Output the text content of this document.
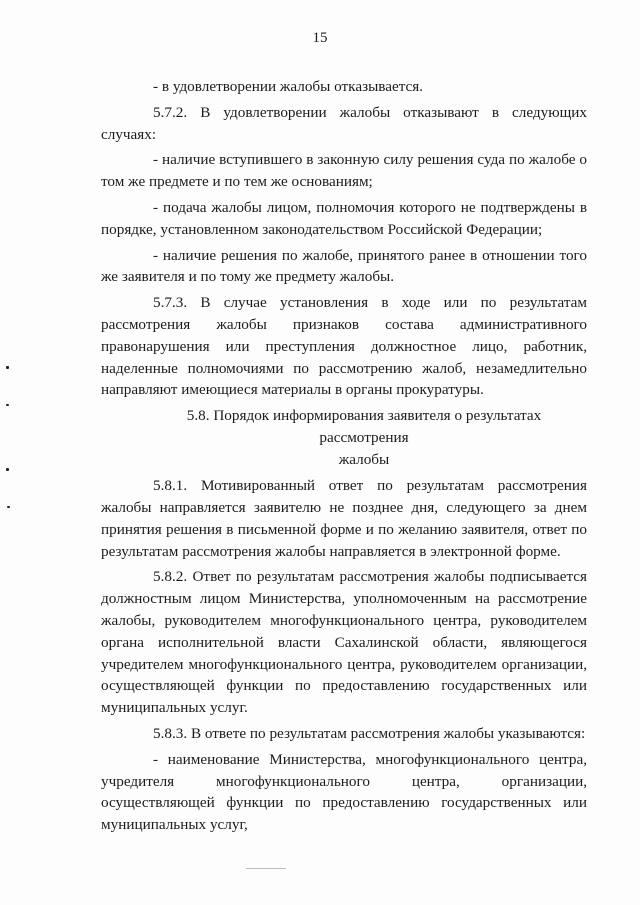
15

- в удовлетворении жалобы отказывается.

5.7.2. В удовлетворении жалобы отказывают в следующих случаях:

- наличие вступившего в законную силу решения суда по жалобе о том же предмете и по тем же основаниям;

- подача жалобы лицом, полномочия которого не подтверждены в порядке, установленном законодательством Российской Федерации;

- наличие решения по жалобе, принятого ранее в отношении того же заявителя и по тому же предмету жалобы.

5.7.3. В случае установления в ходе или по результатам рассмотрения жалобы признаков состава административного правонарушения или преступления должностное лицо, работник, наделенные полномочиями по рассмотрению жалоб, незамедлительно направляют имеющиеся материалы в органы прокуратуры.

5.8. Порядок информирования заявителя о результатах рассмотрения
жалобы

5.8.1. Мотивированный ответ по результатам рассмотрения жалобы направляется заявителю не позднее дня, следующего за днем принятия решения в письменной форме и по желанию заявителя, ответ по результатам рассмотрения жалобы направляется в электронной форме.

5.8.2. Ответ по результатам рассмотрения жалобы подписывается должностным лицом Министерства, уполномоченным на рассмотрение жалобы, руководителем многофункционального центра, руководителем органа исполнительной власти Сахалинской области, являющегося учредителем многофункционального центра, руководителем организации, осуществляющей функции по предоставлению государственных или муниципальных услуг.

5.8.3. В ответе по результатам рассмотрения жалобы указываются:

- наименование Министерства, многофункционального центра, учредителя многофункционального центра, организации, осуществляющей функции по предоставлению государственных или муниципальных услуг,
